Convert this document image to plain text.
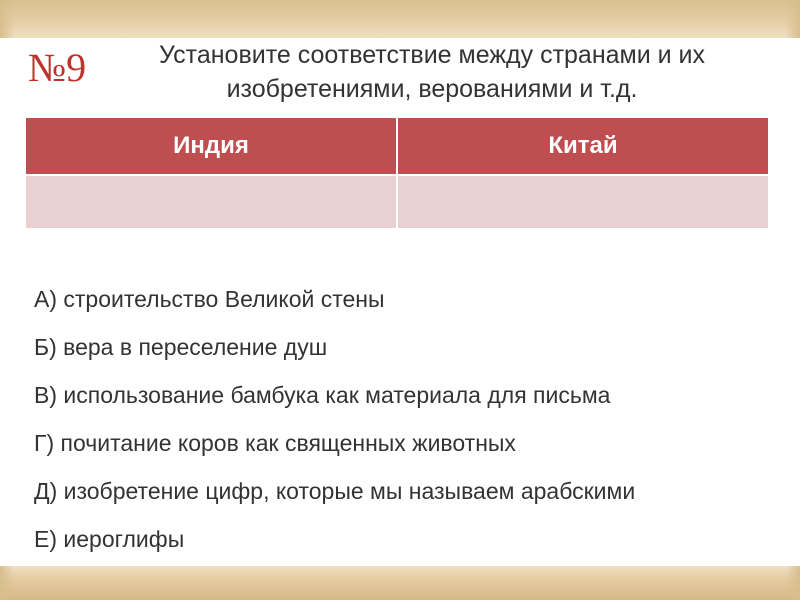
№9	Установите соответствие между странами и их изобретениями, верованиями и т.д.
Индия	Китай

А) строительство Великой стены
Б) вера в переселение душ
В) использование бамбука как материала для письма
Г) почитание коров как священных животных
Д) изобретение цифр, которые мы называем арабскими
Е) иероглифы
